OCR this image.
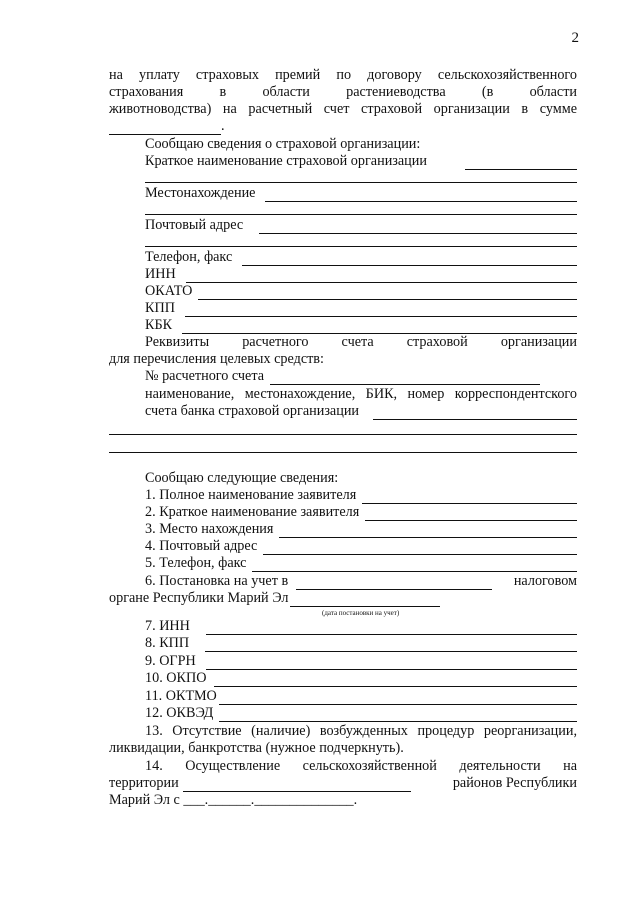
2
на уплату страховых премий по договору сельскохозяйственного
страхования в области растениеводства (в области
животноводства) на расчетный счет страховой организации в сумме
.
Сообщаю сведения о страховой организации:
Краткое наименование страховой организации
Местонахождение
Почтовый адрес
Телефон, факс
ИНН
ОКАТО
КПП
КБК
Реквизиты расчетного счета страховой организации
для перечисления целевых средств:
№ расчетного счета
наименование, местонахождение, БИК, номер корреспондентского
счета банка страховой организации
Сообщаю следующие сведения:
1. Полное наименование заявителя
2. Краткое наименование заявителя
3. Место нахождения
4. Почтовый адрес
5. Телефон, факс
6. Постановка на учет в	налоговом
органе Республики Марий Эл
(дата постановки на учет)
7. ИНН
8. КПП
9. ОГРН
10. ОКПО
11. ОКТМО
12. ОКВЭД
13. Отсутствие (наличие) возбужденных процедур реорганизации,
ликвидации, банкротства (нужное подчеркнуть).
14. Осуществление сельскохозяйственной деятельности на
территории	районов Республики
Марий Эл с ___.______.______________.
